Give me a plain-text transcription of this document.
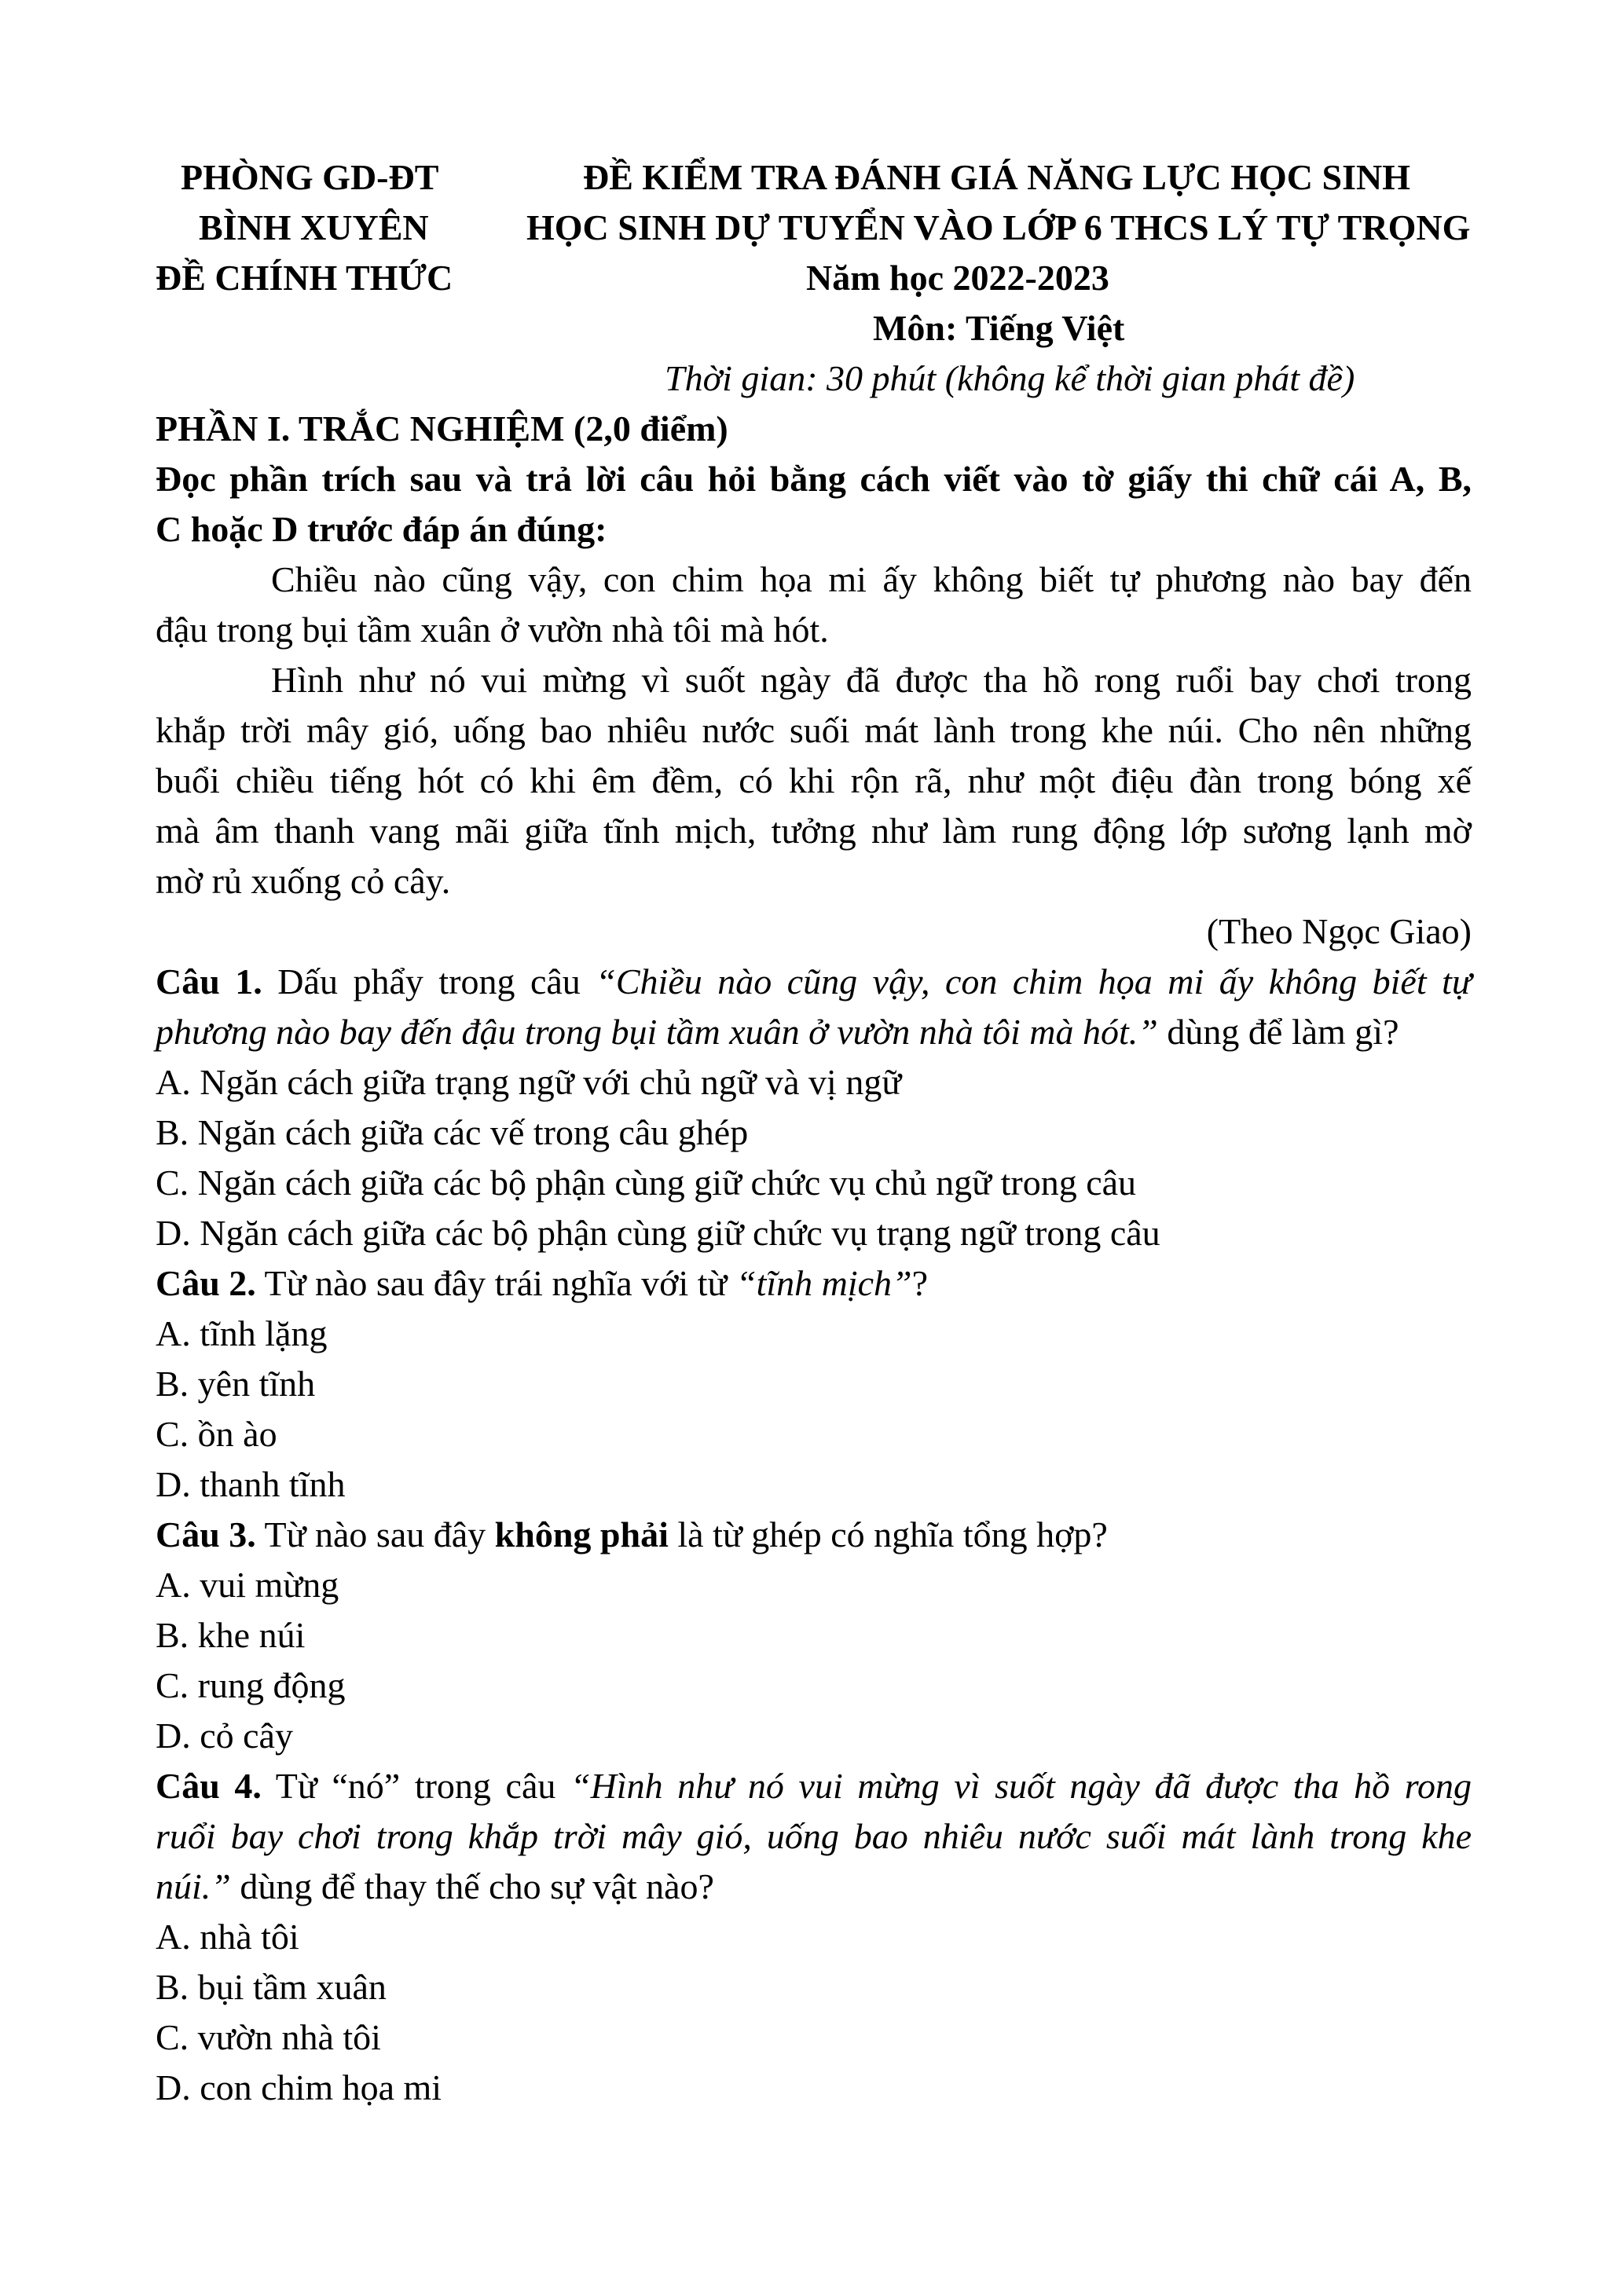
PHÒNG GD-ĐT
BÌNH XUYÊN
ĐỀ CHÍNH THỨC
ĐỀ KIỂM TRA ĐÁNH GIÁ NĂNG LỰC HỌC SINH
HỌC SINH DỰ TUYỂN VÀO LỚP 6 THCS LÝ TỰ TRỌNG
Năm học 2022-2023
Môn: Tiếng Việt
Thời gian: 30 phút (không kể thời gian phát đề)
PHẦN I. TRẮC NGHIỆM (2,0 điểm)
Đọc phần trích sau và trả lời câu hỏi bằng cách viết vào tờ giấy thi chữ cái A, B,
C hoặc D trước đáp án đúng:
Chiều nào cũng vậy, con chim họa mi ấy không biết tự phương nào bay đến
đậu trong bụi tầm xuân ở vườn nhà tôi mà hót.
Hình như nó vui mừng vì suốt ngày đã được tha hồ rong ruổi bay chơi trong
khắp trời mây gió, uống bao nhiêu nước suối mát lành trong khe núi. Cho nên những
buổi chiều tiếng hót có khi êm đềm, có khi rộn rã, như một điệu đàn trong bóng xế
mà âm thanh vang mãi giữa tĩnh mịch, tưởng như làm rung động lớp sương lạnh mờ
mờ rủ xuống cỏ cây.
(Theo Ngọc Giao)
Câu 1. Dấu phẩy trong câu “Chiều nào cũng vậy, con chim họa mi ấy không biết tự
phương nào bay đến đậu trong bụi tầm xuân ở vườn nhà tôi mà hót.” dùng để làm gì?
A. Ngăn cách giữa trạng ngữ với chủ ngữ và vị ngữ
B. Ngăn cách giữa các vế trong câu ghép
C. Ngăn cách giữa các bộ phận cùng giữ chức vụ chủ ngữ trong câu
D. Ngăn cách giữa các bộ phận cùng giữ chức vụ trạng ngữ trong câu
Câu 2. Từ nào sau đây trái nghĩa với từ “tĩnh mịch”?
A. tĩnh lặng
B. yên tĩnh
C. ồn ào
D. thanh tĩnh
Câu 3. Từ nào sau đây không phải là từ ghép có nghĩa tổng hợp?
A. vui mừng
B. khe núi
C. rung động
D. cỏ cây
Câu 4. Từ “nó” trong câu “Hình như nó vui mừng vì suốt ngày đã được tha hồ rong
ruổi bay chơi trong khắp trời mây gió, uống bao nhiêu nước suối mát lành trong khe
núi.” dùng để thay thế cho sự vật nào?
A. nhà tôi
B. bụi tầm xuân
C. vườn nhà tôi
D. con chim họa mi
